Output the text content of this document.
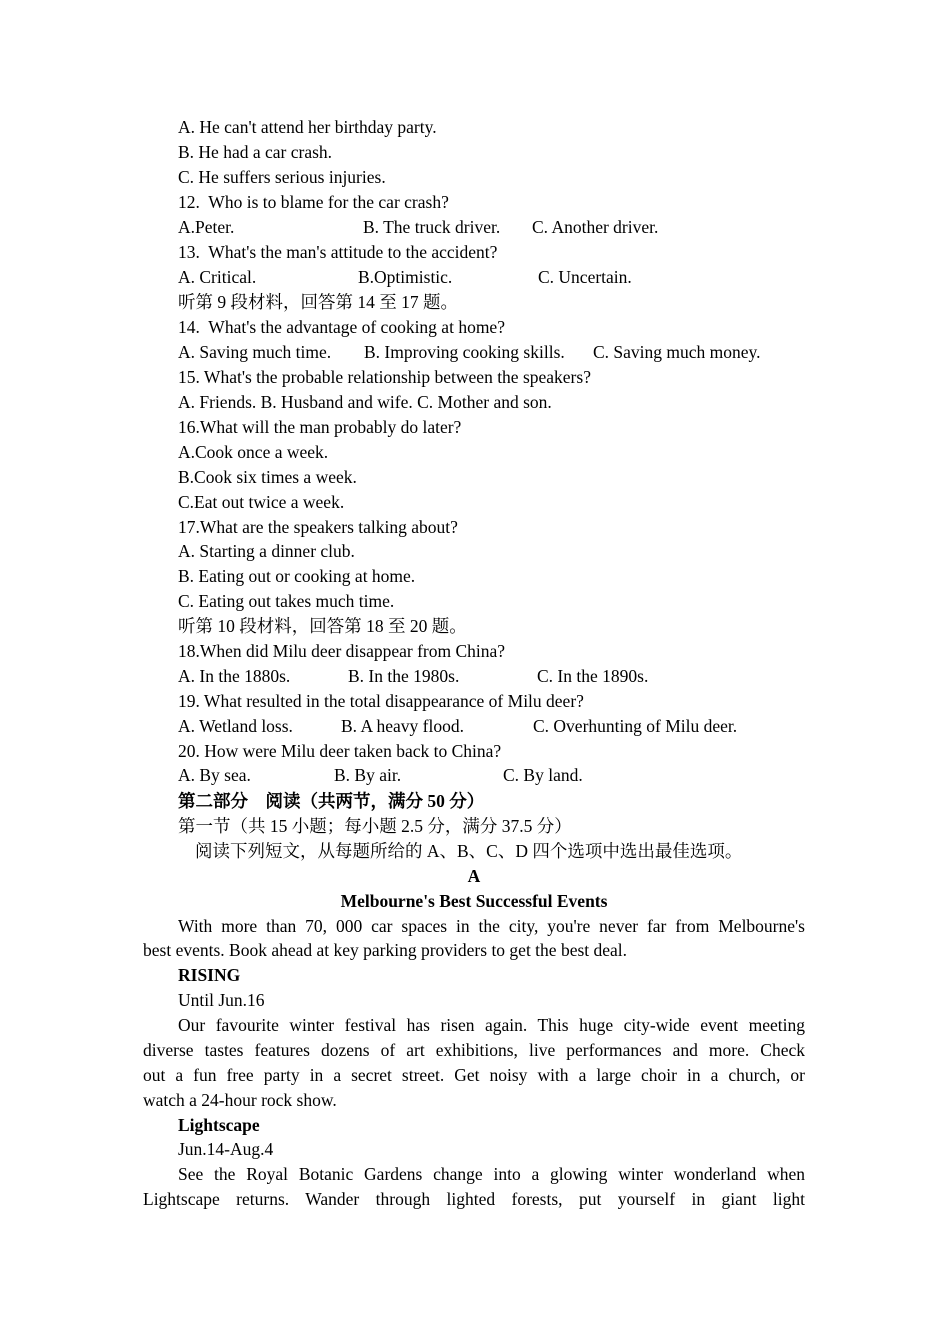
A. He can't attend her birthday party.
B. He had a car crash.
C. He suffers serious injuries.
12.  Who is to blame for the car crash?
A.Peter.	B. The truck driver. C. Another driver.
13.  What's the man's attitude to the accident?
A. Critical.	B.Optimistic.	C. Uncertain.
听第 9 段材料，回答第 14 至 17 题。
14.  What's the advantage of cooking at home?
A. Saving much time. B. Improving cooking skills. C. Saving much money.
15. What's the probable relationship between the speakers?
A. Friends. B. Husband and wife. C. Mother and son.
16.What will the man probably do later?
A.Cook once a week.
B.Cook six times a week.
C.Eat out twice a week.
17.What are the speakers talking about?
A. Starting a dinner club.
B. Eating out or cooking at home.
C. Eating out takes much time.
听第 10 段材料，回答第 18 至 20 题。
18.When did Milu deer disappear from China?
A. In the 1880s.	B. In the 1980s.	C. In the 1890s.
19. What resulted in the total disappearance of Milu deer?
A. Wetland loss.	B. A heavy flood.	C. Overhunting of Milu deer.
20. How were Milu deer taken back to China?
A. By sea.	B. By air.	C. By land.
第二部分    阅读（共两节，满分 50 分）
第一节（共 15 小题；每小题 2.5 分，满分 37.5 分）
阅读下列短文，从每题所给的 A、B、C、D 四个选项中选出最佳选项。
A
Melbourne's Best Successful Events
With more than 70, 000 car spaces in the city, you're never far from Melbourne's
best events. Book ahead at key parking providers to get the best deal.
RISING
Until Jun.16
Our favourite winter festival has risen again. This huge city-wide event meeting
diverse tastes features dozens of art exhibitions, live performances and more. Check
out a fun free party in a secret street. Get noisy with a large choir in a church, or
watch a 24-hour rock show.
Lightscape
Jun.14-Aug.4
See the Royal Botanic Gardens change into a glowing winter wonderland when
Lightscape returns. Wander through lighted forests, put yourself in giant light
